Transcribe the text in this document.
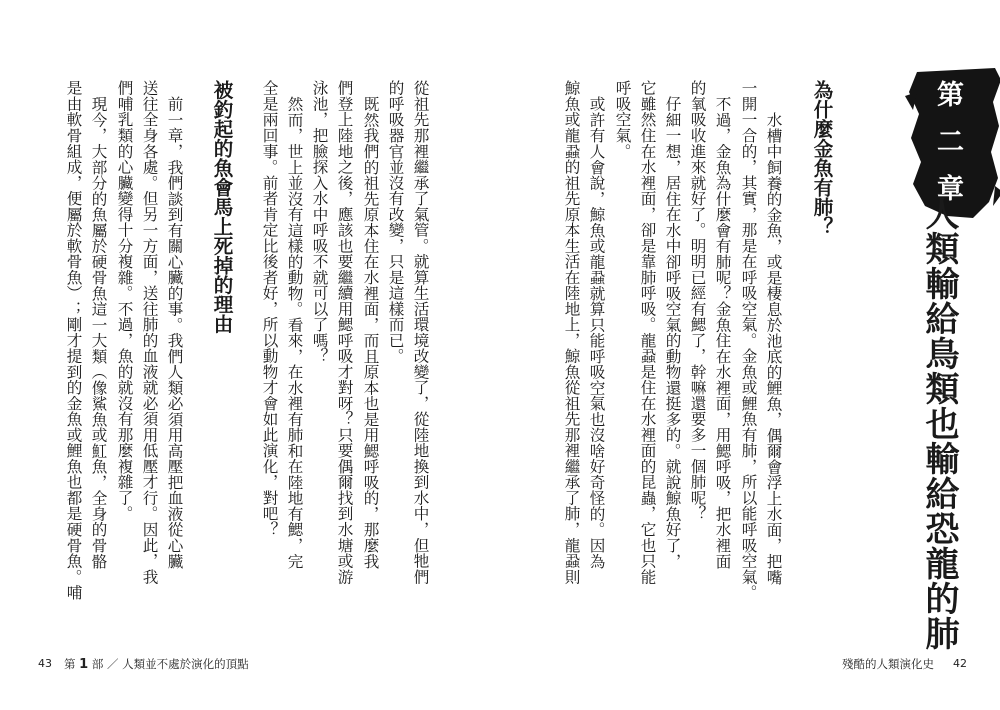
第二章
人類輸給鳥類也輸給恐龍的肺
為什麼金魚有肺？
水槽中飼養的金魚，或是棲息於池底的鯉魚，偶爾會浮上水面，把嘴
一開一合的，其實，那是在呼吸空氣。金魚或鯉魚有肺，所以能呼吸空氣。
不過，金魚為什麼會有肺呢？金魚住在水裡面，用鰓呼吸，把水裡面
的氧吸收進來就好了。明明已經有鰓了，幹嘛還要多一個肺呢？
仔細一想，居住在水中卻呼吸空氣的動物還挺多的。就說鯨魚好了，
它雖然住在水裡面，卻是靠肺呼吸。龍蝨是住在水裡面的昆蟲，它也只能
呼吸空氣。
或許有人會說，鯨魚或龍蝨就算只能呼吸空氣也沒啥好奇怪的。因為
鯨魚或龍蝨的祖先原本生活在陸地上，鯨魚從祖先那裡繼承了肺，龍蝨則
從祖先那裡繼承了氣管。就算生活環境改變了，從陸地換到水中，但牠們
的呼吸器官並沒有改變，只是這樣而已。
既然我們的祖先原本住在水裡面，而且原本也是用鰓呼吸的，那麼我
們登上陸地之後，應該也要繼續用鰓呼吸才對呀？只要偶爾找到水塘或游
泳池，把臉探入水中呼吸不就可以了嗎？
然而，世上並沒有這樣的動物。看來，在水裡有肺和在陸地有鰓，完
全是兩回事。前者肯定比後者好，所以動物才會如此演化，對吧？
被釣起的魚會馬上死掉的理由
前一章，我們談到有關心臟的事。我們人類必須用高壓把血液從心臟
送往全身各處。但另一方面，送往肺的血液就必須用低壓才行。因此，我
們哺乳類的心臟變得十分複雜。不過，魚的就沒有那麼複雜了。
現今，大部分的魚屬於硬骨魚這一大類（像鯊魚或魟魚，全身的骨骼
是由軟骨組成，便屬於軟骨魚）；剛才提到的金魚或鯉魚也都是硬骨魚。哺
43 第 1 部 ／ 人類並不處於演化的頂點	殘酷的人類演化史 42
